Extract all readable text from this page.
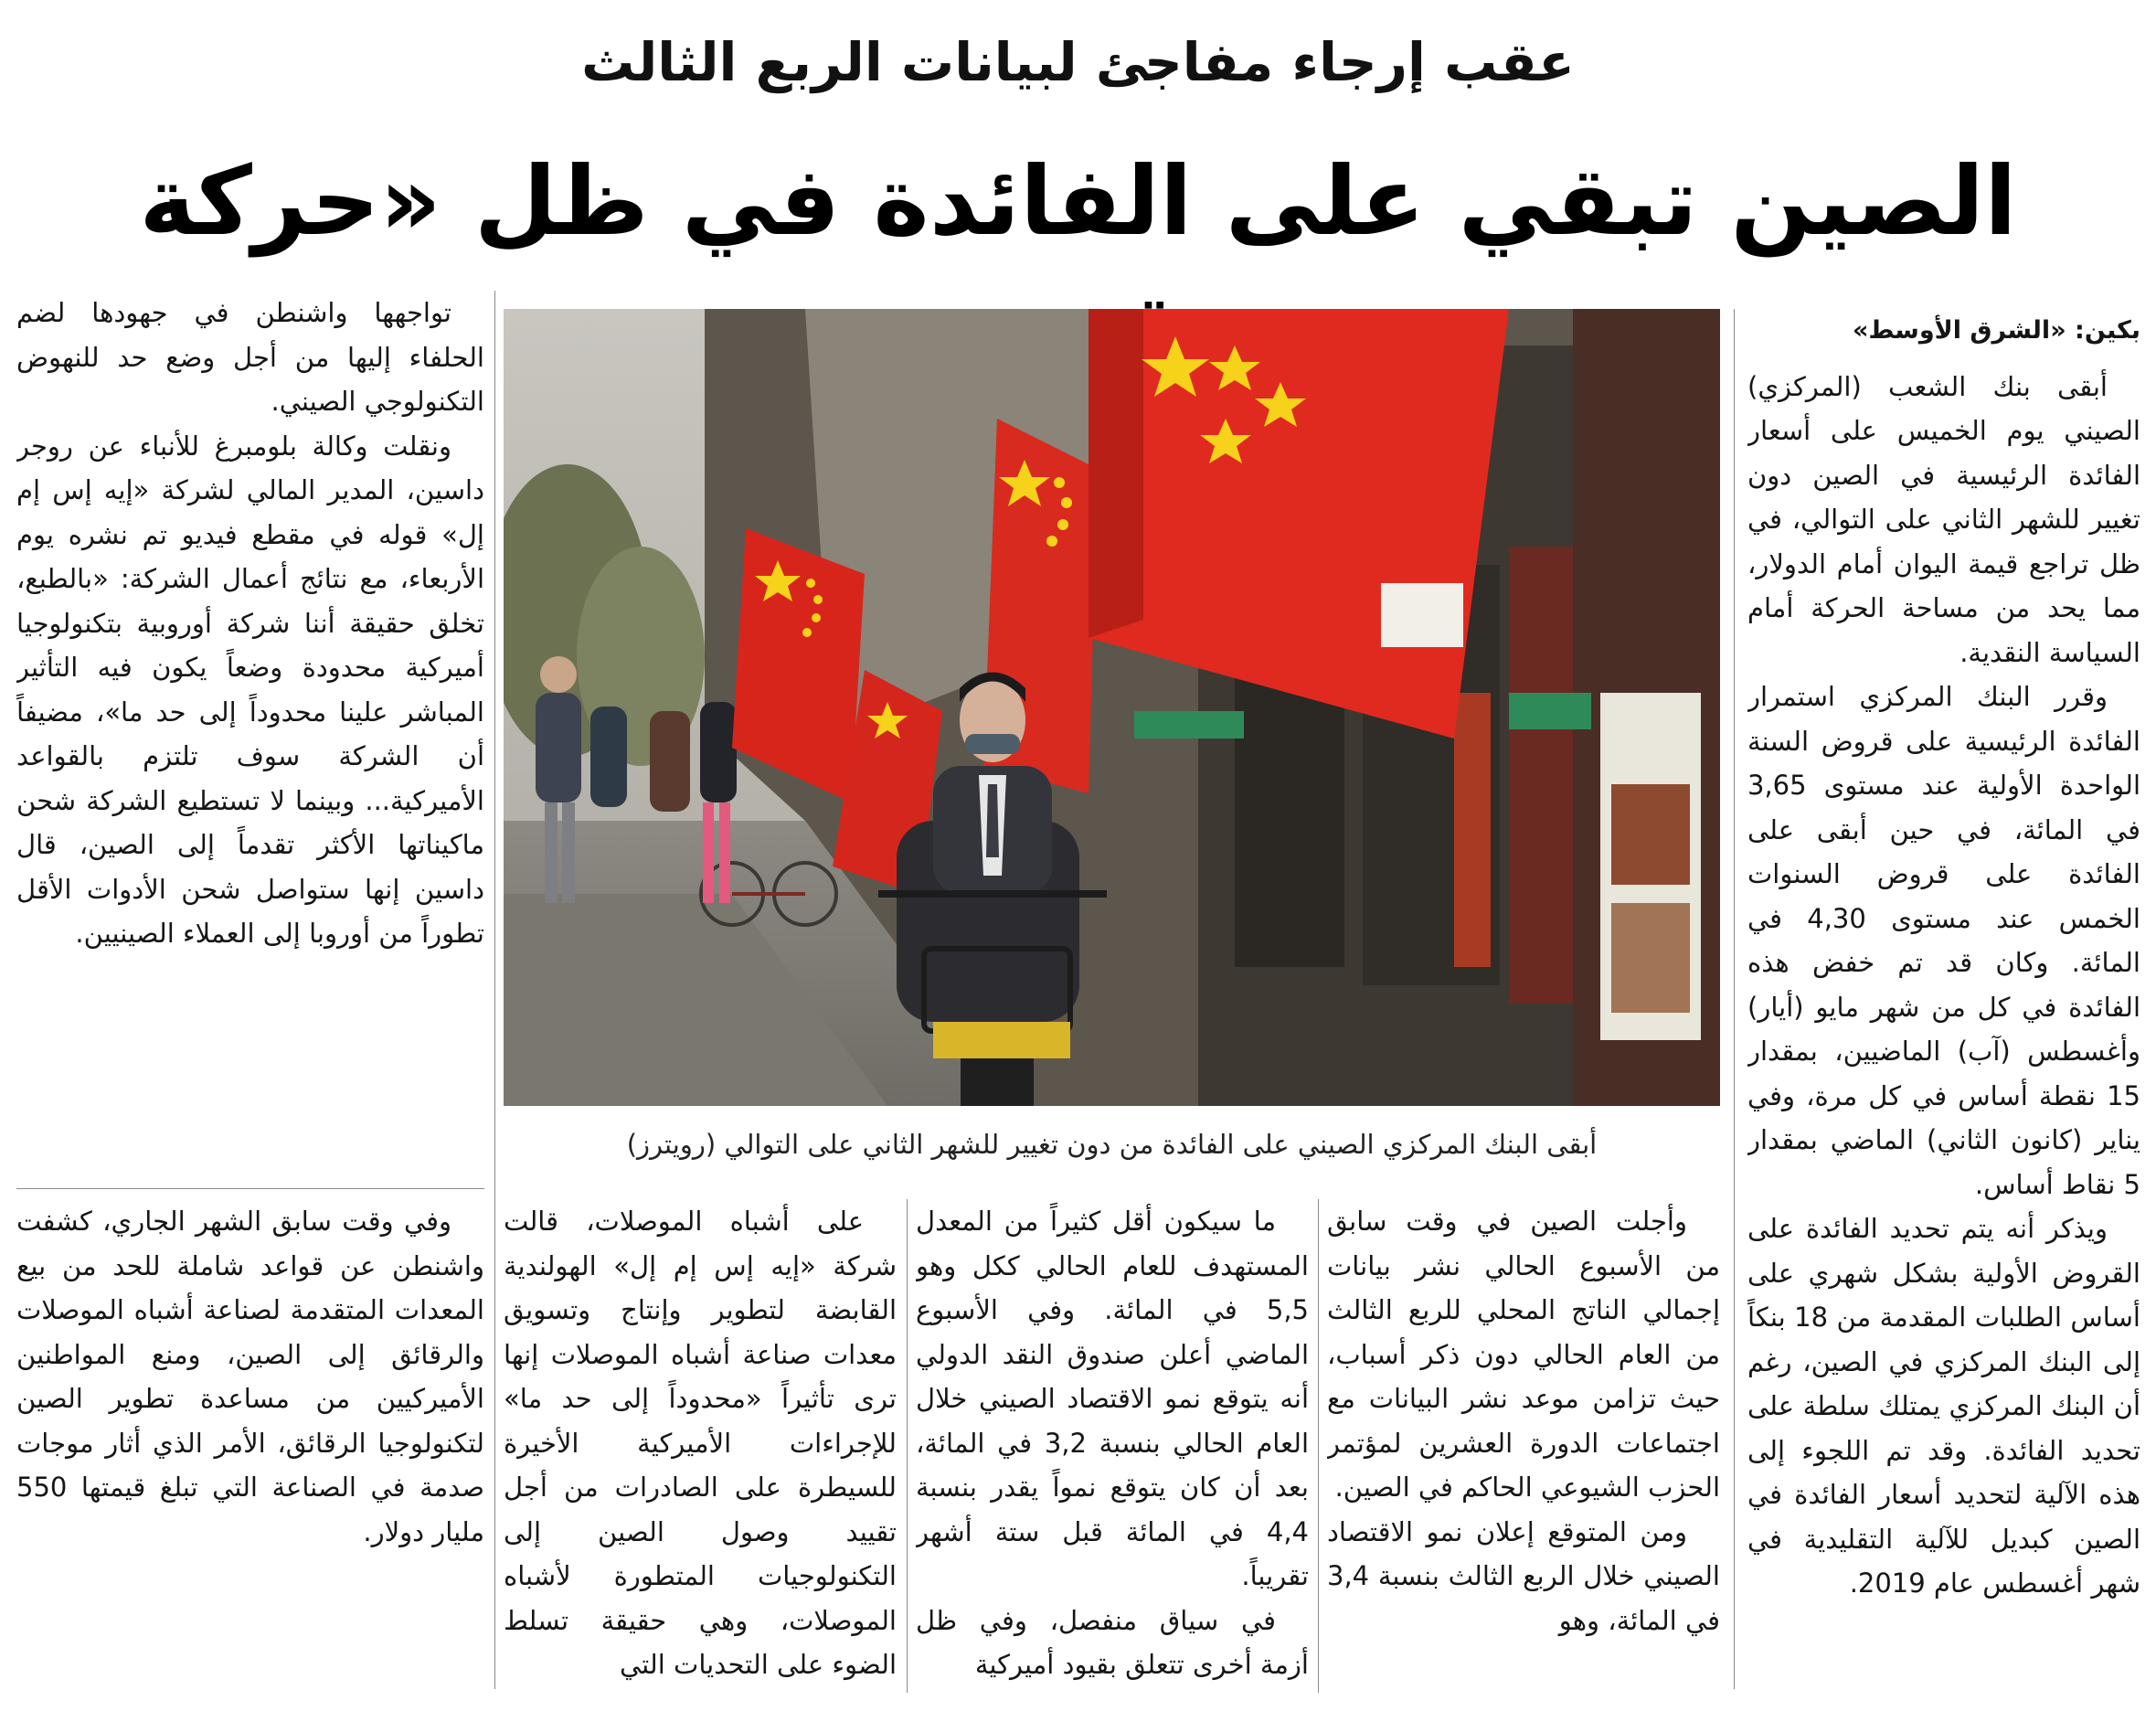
عقب إرجاء مفاجئ لبيانات الربع الثالث
الصين تبقي على الفائدة في ظل «حركة

بكين: «الشرق الأوسط»

أبقى بنك الشعب (المركزي) الصيني يوم الخميس على أسعار الفائدة الرئيسية في الصين دون تغيير للشهر الثاني على التوالي، في ظل تراجع قيمة اليوان أمام الدولار، مما يحد من مساحة الحركة أمام السياسة النقدية.

وقرر البنك المركزي استمرار الفائدة الرئيسية على قروض السنة الواحدة الأولية عند مستوى 3,65 في المائة، في حين أبقى على الفائدة على قروض السنوات الخمس عند مستوى 4,30 في المائة. وكان قد تم خفض هذه الفائدة في كل من شهر مايو (أيار) وأغسطس (آب) الماضيين، بمقدار 15 نقطة أساس في كل مرة، وفي يناير (كانون الثاني) الماضي بمقدار 5 نقاط أساس.

ويذكر أنه يتم تحديد الفائدة على القروض الأولية بشكل شهري على أساس الطلبات المقدمة من 18 بنكاً إلى البنك المركزي في الصين، رغم أن البنك المركزي يمتلك سلطة على تحديد الفائدة. وقد تم اللجوء إلى هذه الآلية لتحديد أسعار الفائدة في الصين كبديل للآلية التقليدية في شهر أغسطس عام 2019.

أبقى البنك المركزي الصيني على الفائدة من دون تغيير للشهر الثاني على التوالي (رويترز)

وأجلت الصين في وقت سابق من الأسبوع الحالي نشر بيانات إجمالي الناتج المحلي للربع الثالث من العام الحالي دون ذكر أسباب، حيث تزامن موعد نشر البيانات مع اجتماعات الدورة العشرين لمؤتمر الحزب الشيوعي الحاكم في الصين.

ومن المتوقع إعلان نمو الاقتصاد الصيني خلال الربع الثالث بنسبة 3,4 في المائة، وهو

ما سيكون أقل كثيراً من المعدل المستهدف للعام الحالي ككل وهو 5,5 في المائة. وفي الأسبوع الماضي أعلن صندوق النقد الدولي أنه يتوقع نمو الاقتصاد الصيني خلال العام الحالي بنسبة 3,2 في المائة، بعد أن كان يتوقع نمواً يقدر بنسبة 4,4 في المائة قبل ستة أشهر تقريباً.

في سياق منفصل، وفي ظل أزمة أخرى تتعلق بقيود أميركية

على أشباه الموصلات، قالت شركة «إيه إس إم إل» الهولندية القابضة لتطوير وإنتاج وتسويق معدات صناعة أشباه الموصلات إنها ترى تأثيراً «محدوداً إلى حد ما» للإجراءات الأميركية الأخيرة للسيطرة على الصادرات من أجل تقييد وصول الصين إلى التكنولوجيات المتطورة لأشباه الموصلات، وهي حقيقة تسلط الضوء على التحديات التي

وفي وقت سابق الشهر الجاري، كشفت واشنطن عن قواعد شاملة للحد من بيع المعدات المتقدمة لصناعة أشباه الموصلات والرقائق إلى الصين، ومنع المواطنين الأميركيين من مساعدة تطوير الصين لتكنولوجيا الرقائق، الأمر الذي أثار موجات صدمة في الصناعة التي تبلغ قيمتها 550 مليار دولار.

تواجهها واشنطن في جهودها لضم الحلفاء إليها من أجل وضع حد للنهوض التكنولوجي الصيني.

ونقلت وكالة بلومبرغ للأنباء عن روجر داسين، المدير المالي لشركة «إيه إس إم إل» قوله في مقطع فيديو تم نشره يوم الأربعاء، مع نتائج أعمال الشركة: «بالطبع، تخلق حقيقة أننا شركة أوروبية بتكنولوجيا أميركية محدودة وضعاً يكون فيه التأثير المباشر علينا محدوداً إلى حد ما»، مضيفاً أن الشركة سوف تلتزم بالقواعد الأميركية... وبينما لا تستطيع الشركة شحن ماكيناتها الأكثر تقدماً إلى الصين، قال داسين إنها ستواصل شحن الأدوات الأقل تطوراً من أوروبا إلى العملاء الصينيين.
